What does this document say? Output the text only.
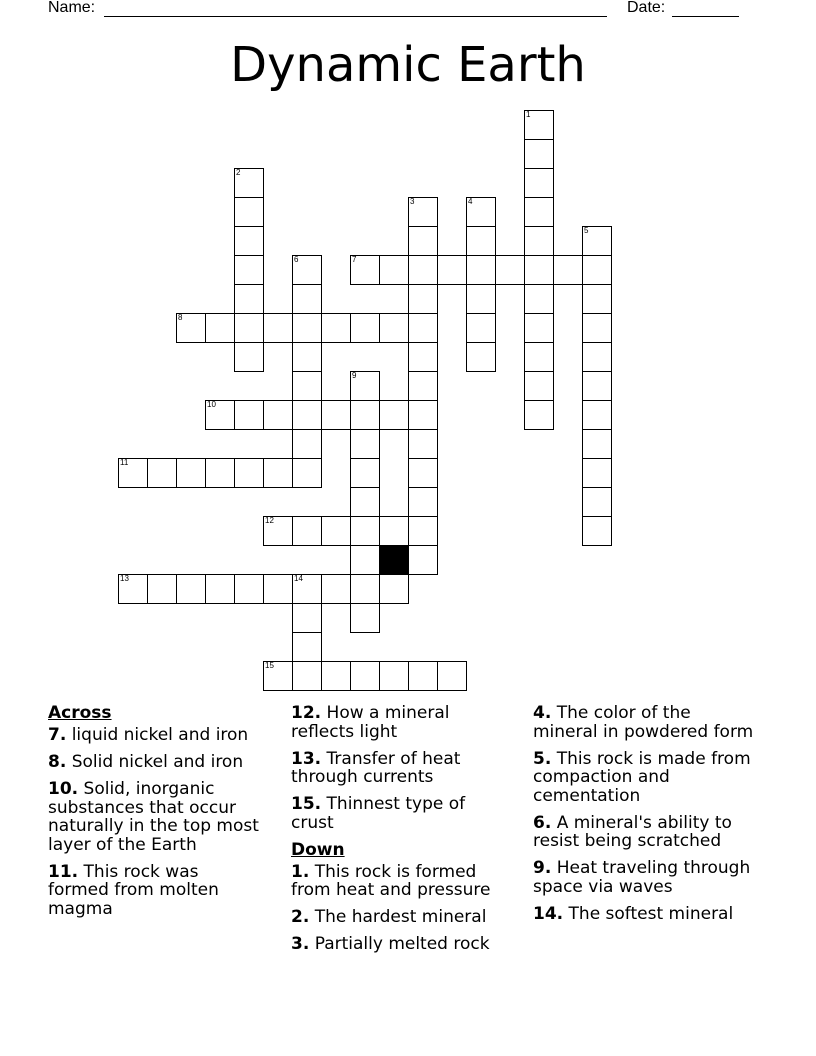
Name:	Date:
Dynamic Earth
1
2
3	4
5
6	7
8
9
10
11
12
13	14
15
Across
7. liquid nickel and iron
8. Solid nickel and iron
10. Solid, inorganic substances that occur naturally in the top most layer of the Earth
11. This rock was formed from molten magma
12. How a mineral reflects light
13. Transfer of heat through currents
15. Thinnest type of crust
Down
1. This rock is formed from heat and pressure
2. The hardest mineral
3. Partially melted rock
4. The color of the mineral in powdered form
5. This rock is made from compaction and cementation
6. A mineral's ability to resist being scratched
9. Heat traveling through space via waves
14. The softest mineral
